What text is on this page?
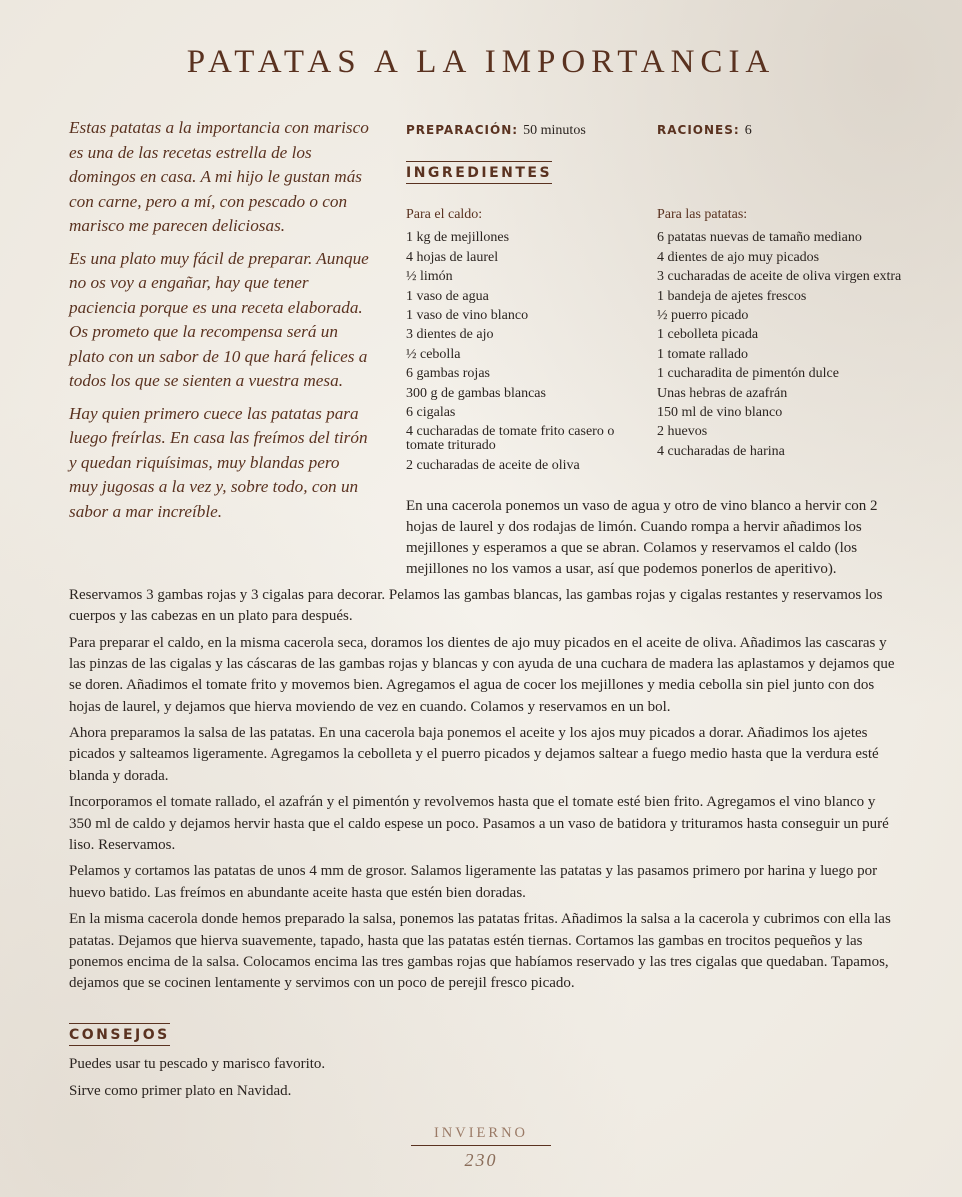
PATATAS A LA IMPORTANCIA

Estas patatas a la importancia con marisco es una de las recetas estrella de los domingos en casa. A mi hijo le gustan más con carne, pero a mí, con pescado o con marisco me parecen deliciosas.

Es una plato muy fácil de preparar. Aunque no os voy a engañar, hay que tener paciencia porque es una receta elaborada. Os prometo que la recompensa será un plato con un sabor de 10 que hará felices a todos los que se sienten a vuestra mesa.

Hay quien primero cuece las patatas para luego freírlas. En casa las freímos del tirón y quedan riquísimas, muy blandas pero muy jugosas a la vez y, sobre todo, con un sabor a mar increíble.

PREPARACIÓN: 50 minutos	RACIONES: 6
INGREDIENTES
Para el caldo:
1 kg de mejillones
4 hojas de laurel
½ limón
1 vaso de agua
1 vaso de vino blanco
3 dientes de ajo
½ cebolla
6 gambas rojas
300 g de gambas blancas
6 cigalas
4 cucharadas de tomate frito casero o tomate triturado
2 cucharadas de aceite de oliva
Para las patatas:
6 patatas nuevas de tamaño mediano
4 dientes de ajo muy picados
3 cucharadas de aceite de oliva virgen extra
1 bandeja de ajetes frescos
½ puerro picado
1 cebolleta picada
1 tomate rallado
1 cucharadita de pimentón dulce
Unas hebras de azafrán
150 ml de vino blanco
2 huevos
4 cucharadas de harina

En una cacerola ponemos un vaso de agua y otro de vino blanco a hervir con 2 hojas de laurel y dos rodajas de limón. Cuando rompa a hervir añadimos los mejillones y esperamos a que se abran. Colamos y reservamos el caldo (los mejillones no los vamos a usar, así que podemos ponerlos de aperitivo).

Reservamos 3 gambas rojas y 3 cigalas para decorar. Pelamos las gambas blancas, las gambas rojas y cigalas restantes y reservamos los cuerpos y las cabezas en un plato para después.

Para preparar el caldo, en la misma cacerola seca, doramos los dientes de ajo muy picados en el aceite de oliva. Añadimos las cascaras y las pinzas de las cigalas y las cáscaras de las gambas rojas y blancas y con ayuda de una cuchara de madera las aplastamos y dejamos que se doren. Añadimos el tomate frito y movemos bien. Agregamos el agua de cocer los mejillones y media cebolla sin piel junto con dos hojas de laurel, y dejamos que hierva moviendo de vez en cuando. Colamos y reservamos en un bol.

Ahora preparamos la salsa de las patatas. En una cacerola baja ponemos el aceite y los ajos muy picados a dorar. Añadimos los ajetes picados y salteamos ligeramente. Agregamos la cebolleta y el puerro picados y dejamos saltear a fuego medio hasta que la verdura esté blanda y dorada.

Incorporamos el tomate rallado, el azafrán y el pimentón y revolvemos hasta que el tomate esté bien frito. Agregamos el vino blanco y 350 ml de caldo y dejamos hervir hasta que el caldo espese un poco. Pasamos a un vaso de batidora y trituramos hasta conseguir un puré liso. Reservamos.

Pelamos y cortamos las patatas de unos 4 mm de grosor. Salamos ligeramente las patatas y las pasamos primero por harina y luego por huevo batido. Las freímos en abundante aceite hasta que estén bien doradas.

En la misma cacerola donde hemos preparado la salsa, ponemos las patatas fritas. Añadimos la salsa a la cacerola y cubrimos con ella las patatas. Dejamos que hierva suavemente, tapado, hasta que las patatas estén tiernas. Cortamos las gambas en trocitos pequeños y las ponemos encima de la salsa. Colocamos encima las tres gambas rojas que habíamos reservado y las tres cigalas que quedaban. Tapamos, dejamos que se cocinen lentamente y servimos con un poco de perejil fresco picado.

CONSEJOS

Puedes usar tu pescado y marisco favorito.

Sirve como primer plato en Navidad.

INVIERNO
230
